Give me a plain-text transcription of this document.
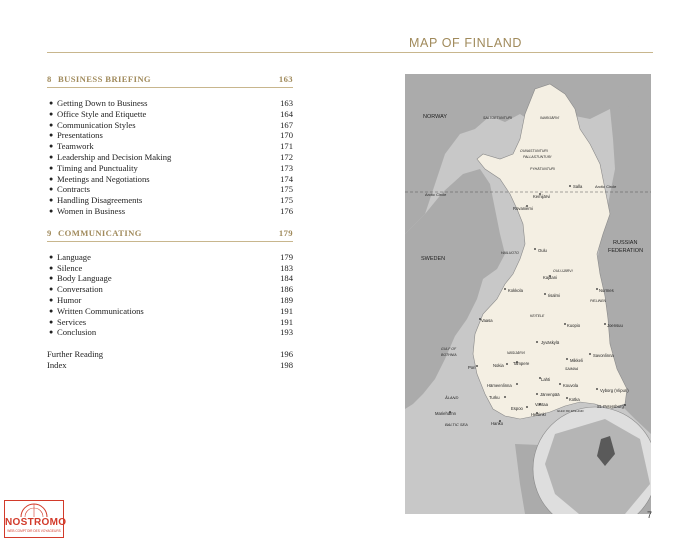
MAP OF FINLAND
8 BUSINESS BRIEFING	163
● Getting Down to Business	163
● Office Style and Etiquette	164
● Communication Styles	167
● Presentations	170
● Teamwork	171
● Leadership and Decision Making	172
● Timing and Punctuality	173
● Meetings and Negotiations	174
● Contracts	175
● Handling Disagreements	175
● Women in Business	176
9 COMMUNICATING	179
● Language	179
● Silence	183
● Body Language	184
● Conversation	186
● Humor	189
● Written Communications	191
● Services	191
● Conclusion	193
Further Reading	196
Index	198
NORWAY
SWEDEN
RUSSIAN
FEDERATION
Arctic Circle
Arctic Circle
SALTOETUNTURI	INARIJÄRVI
OUNASTUNTURI
PALLASTUNTURI
PYHÄTUNTURI
HAILUOTO
OULUJÄRVI
PIELINEN
KEITELE
NÄSIJÄRVI
SAIMAA
GULF OF
BOTHNIA
GULF OF FINLAND
BALTIC SEA
ÅLAND
Salla
Kemijärvi
Rovaniemi
Oulu
Kajaani
Kokkola
Iisalmi
Nurmes
Vaasa
Kuopio	Joensuu
Jyväskylä
Savonlinna
Mikkeli
Pori	Nokia Tampere
Lahti
Hämeenlinna	Kouvola
Vyborg (Viipuri)
Järvenpää
Turku	Kotka
Vantaa
Espoo
Helsinki
St. Petersburg
Mariehamn
Hanko
7
NOSTROMO
WEB COMPTOIR DES VOYAGEURS
